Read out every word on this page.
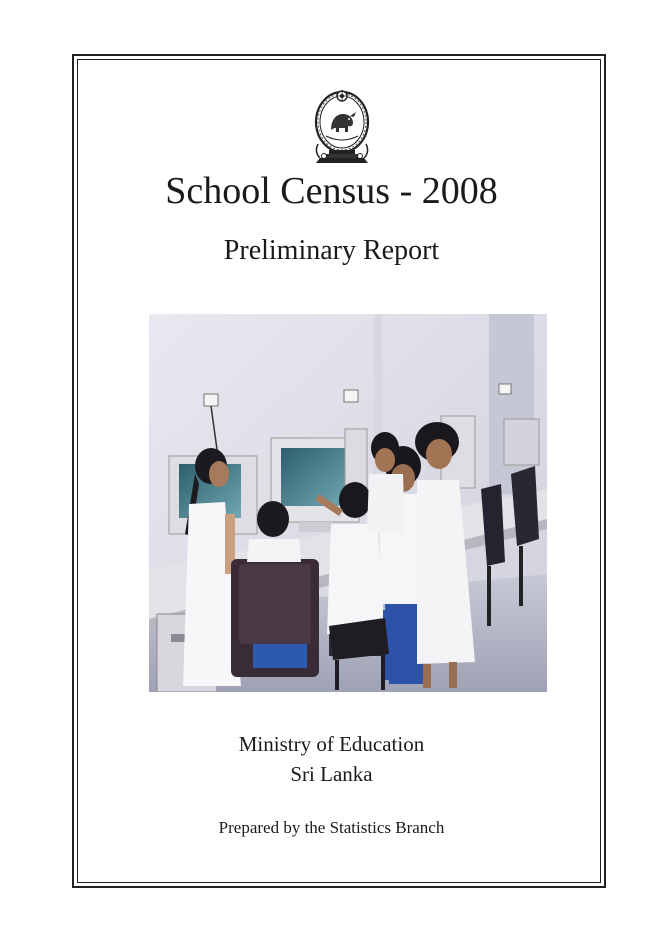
School Census - 2008
Preliminary Report
Ministry of Education
Sri Lanka
Prepared by the Statistics Branch
